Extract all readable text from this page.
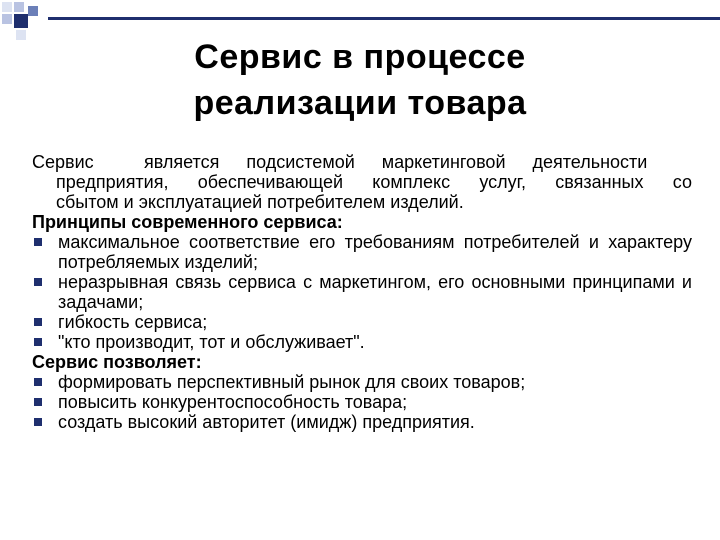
Сервис в процессе
реализации товара
Сервис	является подсистемой маркетинговой деятельности
предприятия, обеспечивающей комплекс услуг, связанных со
сбытом и эксплуатацией потребителем изделий.
Принципы современного сервиса:
максимальное соответствие его требованиям потребителей и характеру потребляемых изделий;
неразрывная связь сервиса с маркетингом, его основными принципами и задачами;
гибкость сервиса;
"кто производит, тот и обслуживает".
Сервис позволяет:
формировать перспективный рынок для своих товаров;
повысить конкурентоспособность товара;
создать высокий авторитет (имидж) предприятия.
